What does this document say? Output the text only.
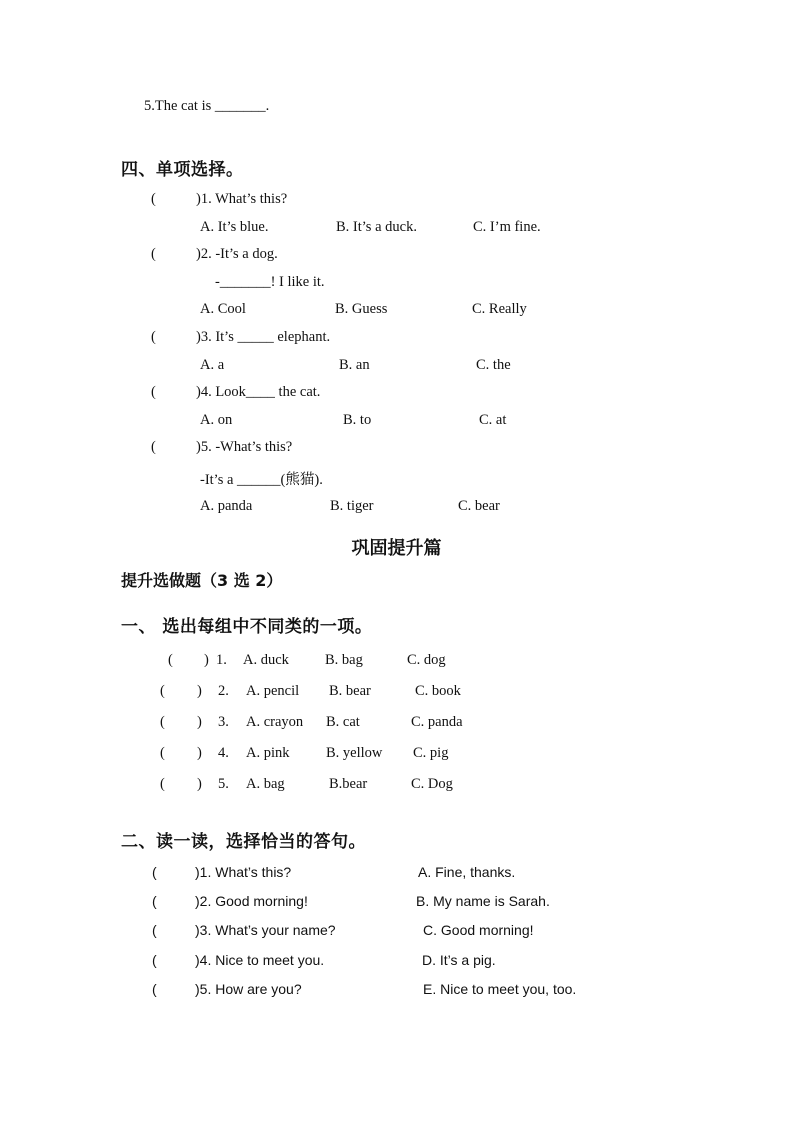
5.The cat is _______.
四、单项选择。
(	)1. What’s this?
A. It’s blue.	B. It’s a duck.	C. I’m fine.
(	)2. -It’s a dog.
-_______! I like it.
A. Cool	B. Guess	C. Really
(	)3. It’s _____ elephant.
A. a	B. an	C. the
(	)4. Look____ the cat.
A. on	B. to	C. at
(	)5. -What’s this?
-It’s a ______(熊猫).
A. panda	B. tiger	C. bear
巩固提升篇
提升选做题（3 选 2）
一、 选出每组中不同类的一项。
( ) 1. A. duck B. bag	C. dog
( ) 2. A. pencil B. bear	C. book
( ) 3. A. crayon B. cat	C. panda
( ) 4. A. pink	B. yellow C. pig
( ) 5. A. bag	B.bear	C. Dog
二、读一读，选择恰当的答句。
(	)1. What’s this?	A. Fine, thanks.
(	)2. Good morning!	B. My name is Sarah.
(	)3. What’s your name?	C. Good morning!
(	)4. Nice to meet you.	D. It’s a pig.
(	)5. How are you?	E. Nice to meet you, too.
